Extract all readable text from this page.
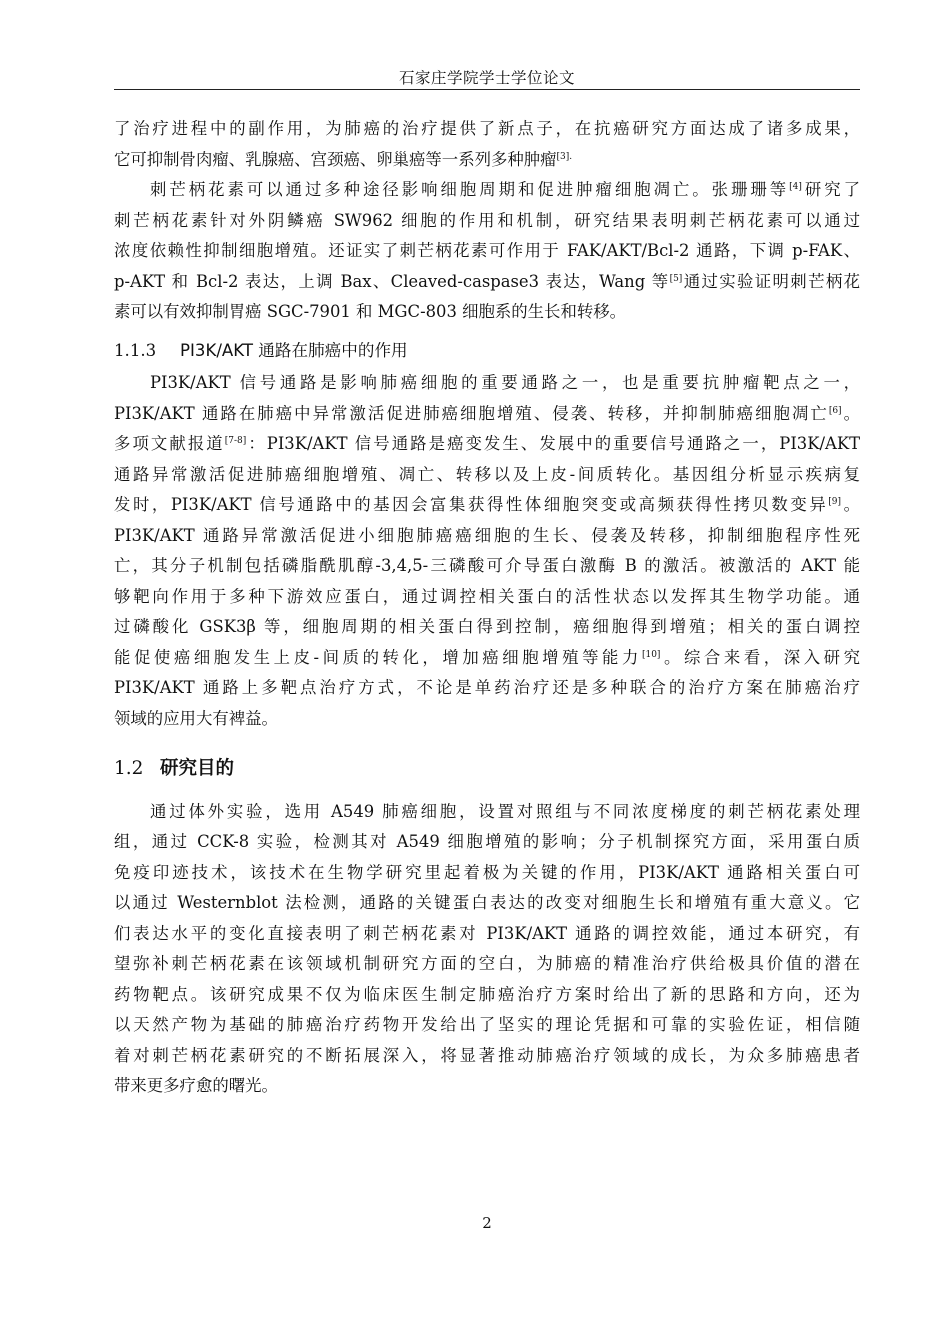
石家庄学院学士学位论文
了治疗进程中的副作用，为肺癌的治疗提供了新点子，在抗癌研究方面达成了诸多成果，
它可抑制骨肉瘤、乳腺癌、宫颈癌、卵巢癌等一系列多种肿瘤$^{[3].}$
刺芒柄花素可以通过多种途径影响细胞周期和促进肿瘤细胞凋亡。张珊珊等[4]研究了
刺芒柄花素针对外阴鳞癌 SW962 细胞的作用和机制，研究结果表明刺芒柄花素可以通过
浓度依赖性抑制细胞增殖。还证实了刺芒柄花素可作用于 FAK/AKT/Bcl-2 通路，下调 p-FAK、
p-AKT 和 Bcl-2 表达，上调 Bax、Cleaved-caspase3 表达，Wang 等[5]通过实验证明刺芒柄花
素可以有效抑制胃癌 SGC-7901 和 MGC-803 细胞系的生长和转移。
1.1.3 PI3K/AKT 通路在肺癌中的作用
PI3K/AKT 信号通路是影响肺癌细胞的重要通路之一，也是重要抗肿瘤靶点之一，
PI3K/AKT 通路在肺癌中异常激活促进肺癌细胞增殖、侵袭、转移，并抑制肺癌细胞凋亡[6]。
多项文献报道[7-8]：PI3K/AKT 信号通路是癌变发生、发展中的重要信号通路之一，PI3K/AKT
通路异常激活促进肺癌细胞增殖、凋亡、转移以及上皮-间质转化。基因组分析显示疾病复
发时，PI3K/AKT 信号通路中的基因会富集获得性体细胞突变或高频获得性拷贝数变异[9]。
PI3K/AKT 通路异常激活促进小细胞肺癌癌细胞的生长、侵袭及转移，抑制细胞程序性死
亡，其分子机制包括磷脂酰肌醇-3,4,5-三磷酸可介导蛋白激酶 B 的激活。被激活的 AKT 能
够靶向作用于多种下游效应蛋白，通过调控相关蛋白的活性状态以发挥其生物学功能。通
过磷酸化 GSK3β 等，细胞周期的相关蛋白得到控制，癌细胞得到增殖；相关的蛋白调控
能促使癌细胞发生上皮-间质的转化，增加癌细胞增殖等能力[10]。综合来看，深入研究
PI3K/AKT 通路上多靶点治疗方式，不论是单药治疗还是多种联合的治疗方案在肺癌治疗
领域的应用大有裨益。
1.2 研究目的
通过体外实验，选用 A549 肺癌细胞，设置对照组与不同浓度梯度的刺芒柄花素处理
组，通过 CCK-8 实验，检测其对 A549 细胞增殖的影响；分子机制探究方面，采用蛋白质
免疫印迹技术，该技术在生物学研究里起着极为关键的作用，PI3K/AKT 通路相关蛋白可
以通过 Westernblot 法检测，通路的关键蛋白表达的改变对细胞生长和增殖有重大意义。它
们表达水平的变化直接表明了刺芒柄花素对 PI3K/AKT 通路的调控效能，通过本研究，有
望弥补刺芒柄花素在该领域机制研究方面的空白，为肺癌的精准治疗供给极具价值的潜在
药物靶点。该研究成果不仅为临床医生制定肺癌治疗方案时给出了新的思路和方向，还为
以天然产物为基础的肺癌治疗药物开发给出了坚实的理论凭据和可靠的实验佐证，相信随
着对刺芒柄花素研究的不断拓展深入，将显著推动肺癌治疗领域的成长，为众多肺癌患者
带来更多疗愈的曙光。
2
